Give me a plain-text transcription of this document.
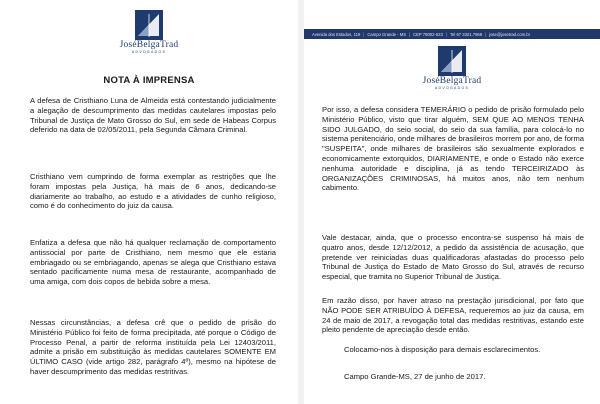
JoséBelgaTrad
ADVOGADOS
NOTA À IMPRENSA
A defesa de Cristhiano Luna de Almeida está contestando judicialmente a alegação de descumprimento das medidas cautelares impostas pelo Tribunal de Justiça de Mato Grosso do Sul, em sede de Habeas Corpus deferido na data de 02/05/2011, pela Segunda Câmara Criminal.
Cristhiano vem cumprindo de forma exemplar as restrições que lhe foram impostas pela Justiça, há mais de 6 anos, dedicando-se diariamente ao trabalho, ao estudo e a atividades de cunho religioso, como é do conhecimento do juiz da causa.
Enfatiza a defesa que não há qualquer reclamação de comportamento antissocial por parte de Cristhiano, nem mesmo que ele estaria embriagado ou se embriagando, apenas se alega que Cristhiano estava sentado pacificamente numa mesa de restaurante, acompanhado de uma amiga, com dois copos de bebida sobre a mesa.
Nessas circunstâncias, a defesa crê que o pedido de prisão do Ministério Público foi feito de forma precipitada, até porque o Código de Processo Penal, a partir de reforma instituída pela Lei 12403/2011, admite a prisão em substituição às medidas cautelares SOMENTE EM ÚLTIMO CASO (vide artigo 282, parágrafo 4º), mesmo na hipótese de haver descumprimento das medidas restritivas.
Avenida dos Estados, 119 | Campo Grande - MS | CEP 79002-523 | Tel 67 3321.7969 | jose@josetrad.com.br
JoséBelgaTrad
ADVOGADOS
Por isso, a defesa considera TEMERÁRIO o pedido de prisão formulado pelo Ministério Público, visto que tirar alguém, SEM QUE AO MENOS TENHA SIDO JULGADO, do seio social, do seio da sua família, para colocá-lo no sistema penitenciário, onde milhares de brasileiros morrem por ano, de forma "SUSPEITA", onde milhares de brasileiros são sexualmente explorados e economicamente extorquidos, DIARIAMENTE, e onde o Estado não exerce nenhuma autoridade e disciplina, já as tendo TERCEIRIZADO às ORGANIZAÇÕES CRIMINOSAS, há muitos anos, não tem nenhum cabimento.
Vale destacar, ainda, que o processo encontra-se suspenso há mais de quatro anos, desde 12/12/2012, a pedido da assistência de acusação, que pretende ver reiniciadas duas qualificadoras afastadas do processo pelo Tribunal de Justiça do Estado de Mato Grosso do Sul, através de recurso especial, que tramita no Superior Tribunal de Justiça.
Em razão disso, por haver atraso na prestação jurisdicional, por fato que NÃO PODE SER ATRIBUÍDO À DEFESA, requeremos ao juiz da causa, em 24 de maio de 2017, a revogação total das medidas restritivas, estando este pleito pendente de apreciação desde então.
Colocamo-nos à disposição para demais esclarecimentos.
Campo Grande-MS, 27 de junho de 2017.
